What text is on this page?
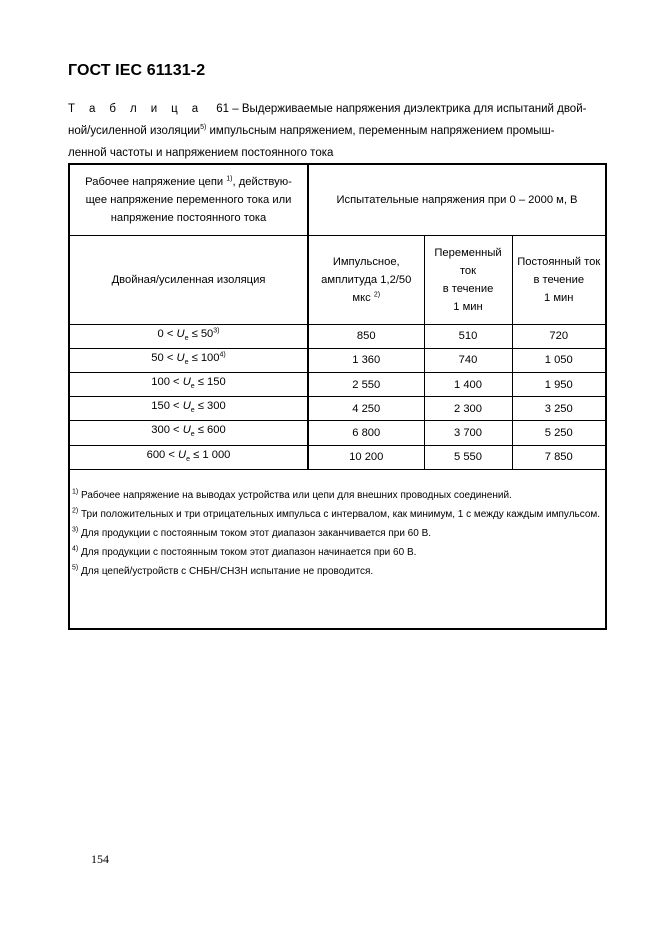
ГОСТ IEC 61131-2
Т а б л и ц а 61 – Выдерживаемые напряжения диэлектрика для испытаний двой-
ной/усиленной изоляции$^{5)}$ импульсным напряжением, переменным напряжением промыш-
ленной частоты и напряжением постоянного тока
Рабочее напряжение цепи $^{1)}$, действую-
щее напряжение переменного тока или
напряжение постоянного тока	Испытательные напряжения при 0 – 2000 м, В		
Двойная/усиленная изоляция	Импульсное,
амплитуда 1,2/50
мкс $^{2)}$	Переменный
ток
в течение
1 мин	Постоянный ток
в течение
1 мин
$0 < U_e \le 50^{3)}$	850	510	720
$50 < U_e \le 100^{4)}$	1 360	740	1 050
$100 < U_e \le 150$	2 550	1 400	1 950
$150 < U_e \le 300$	4 250	2 300	3 250
$300 < U_e \le 600$	6 800	3 700	5 250
$600 < U_e \le 1$ 000	10 200	5 550	7 850

$^{1)}$ Рабочее напряжение на выводах устройства или цепи для внешних проводных соединений.
$^{2)}$ Три положительных и три отрицательных импульса с интервалом, как минимум, 1 с между каждым импульсом.
$^{3)}$ Для продукции с постоянным током этот диапазон заканчивается при 60 В.
$^{4)}$ Для продукции с постоянным током этот диапазон начинается при 60 В.
$^{5)}$ Для цепей/устройств с СНБН/СНЗН испытание не проводится.			
154
